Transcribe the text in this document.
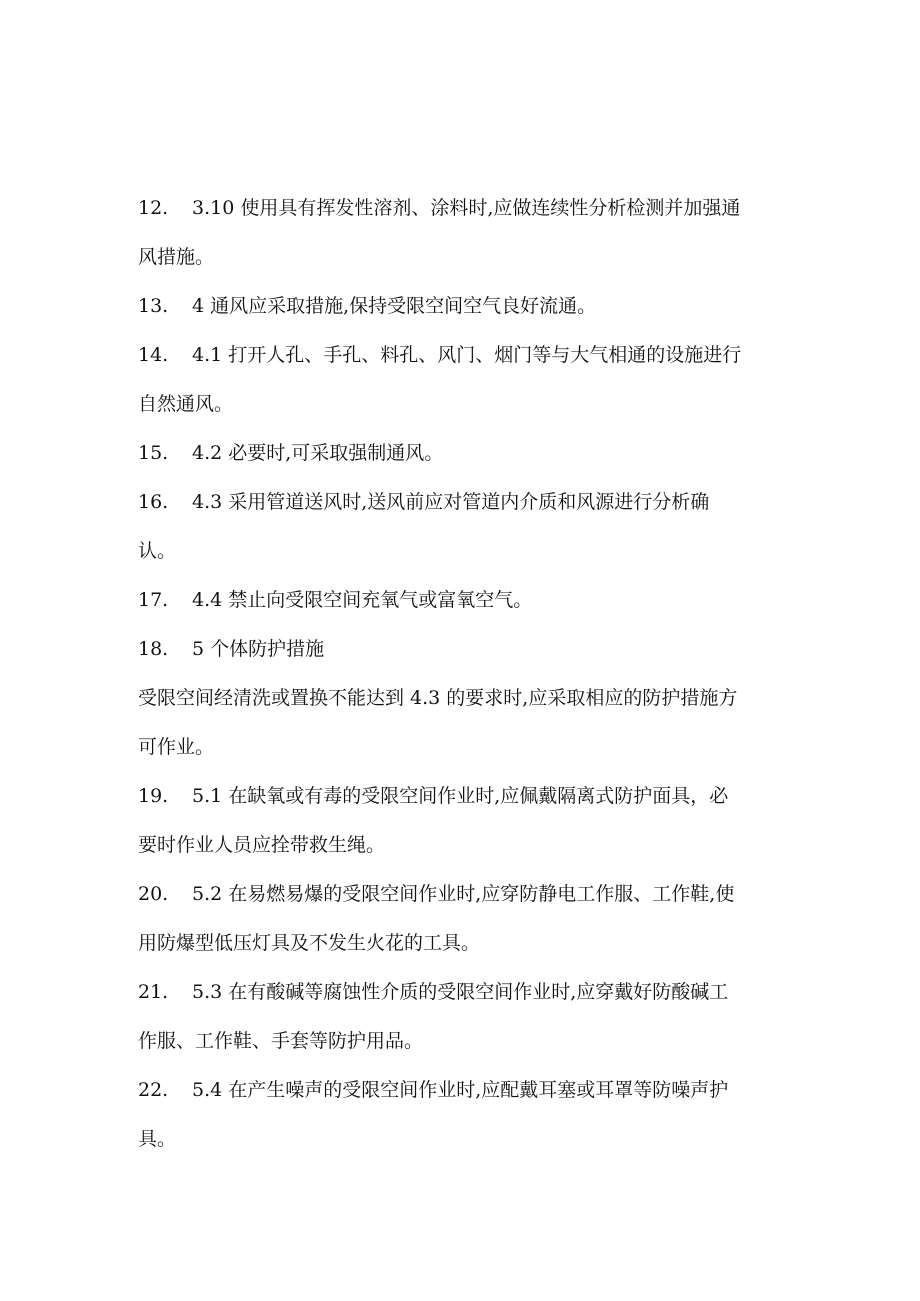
12. 3.10 使用具有挥发性溶剂、涂料时,应做连续性分析检测并加强通
风措施。
13. 4 通风应采取措施,保持受限空间空气良好流通。
14. 4.1 打开人孔、手孔、料孔、风门、烟门等与大气相通的设施进行
自然通风。
15. 4.2 必要时,可采取强制通风。
16. 4.3 采用管道送风时,送风前应对管道内介质和风源进行分析确
认。
17. 4.4 禁止向受限空间充氧气或富氧空气。
18. 5 个体防护措施
受限空间经清洗或置换不能达到 4.3 的要求时,应采取相应的防护措施方
可作业。
19. 5.1 在缺氧或有毒的受限空间作业时,应佩戴隔离式防护面具，必
要时作业人员应拴带救生绳。
20. 5.2 在易燃易爆的受限空间作业时,应穿防静电工作服、工作鞋,使
用防爆型低压灯具及不发生火花的工具。
21. 5.3 在有酸碱等腐蚀性介质的受限空间作业时,应穿戴好防酸碱工
作服、工作鞋、手套等防护用品。
22. 5.4 在产生噪声的受限空间作业时,应配戴耳塞或耳罩等防噪声护
具。
